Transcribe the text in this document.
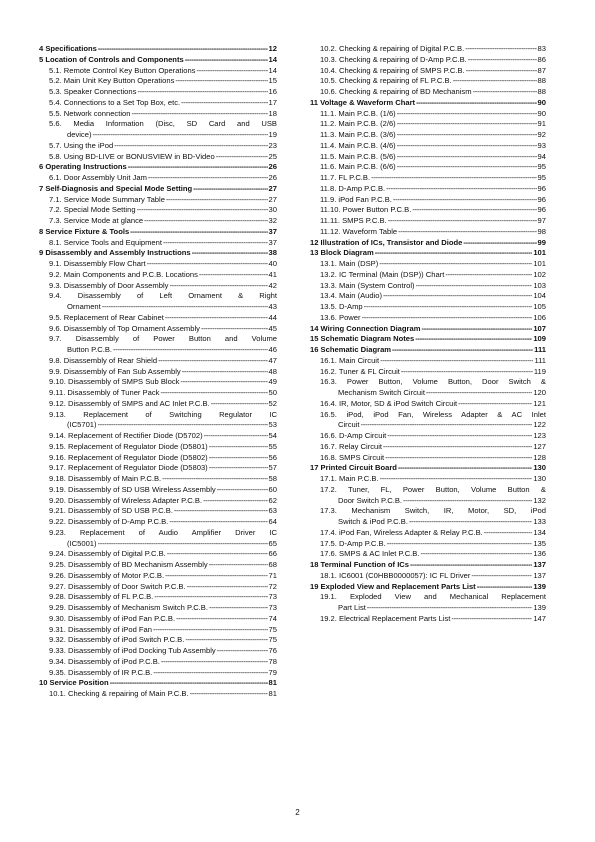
4 Specifications -----	12
5 Location of Controls and Components -----	14
5.1. Remote Control Key Button Operations -----	14
5.2. Main Unit Key Button Operations -----	15
5.3. Speaker Connections -----	16
5.4. Connections to a Set Top Box, etc. -----	17
5.5. Network connection -----	18
5.6. Media Information (Disc, SD Card and USB
device) -----	19
5.7. Using the iPod -----	23
5.8. Using BD-LIVE or BONUSVIEW in BD-Video -----	25
6 Operating Instructions -----	26
6.1. Door Assembly Unit Jam -----	26
7 Self-Diagnosis and Special Mode Setting -----	27
7.1. Service Mode Summary Table -----	27
7.2. Special Mode Setting -----	30
7.3. Service Mode at glance -----	32
8 Service Fixture & Tools -----	37
8.1. Service Tools and Equipment -----	37
9 Disassembly and Assembly Instructions -----	38
9.1. Disassembly Flow Chart -----	40
9.2. Main Components and P.C.B. Locations -----	41
9.3. Disassembly of Door Assembly -----	42
9.4. Disassembly of Left Ornament & Right
Ornament -----	43
9.5. Replacement of Rear Cabinet -----	44
9.6. Disassembly of Top Ornament Assembly -----	45
9.7. Disassembly of Power Button and Volume
Button P.C.B. -----	46
9.8. Disassembly of Rear Shield -----	47
9.9. Disassembly of Fan Sub Assembly -----	48
9.10. Disassembly of SMPS Sub Block -----	49
9.11. Disassembly of Tuner Pack -----	50
9.12. Disassembly of SMPS and AC Inlet P.C.B. -----	52
9.13. Replacement of Switching Regulator IC
(IC5701) -----	53
9.14. Replacement of Rectifier Diode (D5702) -----	54
9.15. Replacement of Regulator Diode (D5801) -----	55
9.16. Replacement of Regulator Diode (D5802) -----	56
9.17. Replacement of Regulator Diode (D5803) -----	57
9.18. Disassembly of Main P.C.B. -----	58
9.19. Disassembly of SD USB Wireless Assembly -----	60
9.20. Disassembly of Wireless Adapter P.C.B. -----	62
9.21. Disassembly of SD USB P.C.B. -----	63
9.22. Disassembly of D-Amp P.C.B. -----	64
9.23. Replacement of Audio Amplifier Driver IC
(IC5001) -----	65
9.24. Disassembly of Digital P.C.B. -----	66
9.25. Disassembly of BD Mechanism Assembly -----	68
9.26. Disassembly of Motor P.C.B. -----	71
9.27. Disassembly of Door Switch P.C.B. -----	72
9.28. Disassembly of FL P.C.B. -----	73
9.29. Disassembly of Mechanism Switch P.C.B. -----	73
9.30. Disassembly of iPod Fan P.C.B. -----	74
9.31. Disassembly of iPod Fan -----	75
9.32. Disassembly of iPod Switch P.C.B. -----	75
9.33. Disassembly of iPod Docking Tub Assembly -----	76
9.34. Disassembly of iPod P.C.B. -----	78
9.35. Disassembly of IR P.C.B. -----	79
10 Service Position -----	81
10.1. Checking & repairing of Main P.C.B. -----	81
10.2. Checking & repairing of Digital P.C.B. -----	83
10.3. Checking & repairing of D-Amp P.C.B. -----	86
10.4. Checking & repairing of SMPS P.C.B. -----	87
10.5. Checking & repairing of FL P.C.B. -----	88
10.6. Checking & repairing of BD Mechanism -----	88
11 Voltage & Waveform Chart -----	90
11.1. Main P.C.B. (1/6) -----	90
11.2. Main P.C.B. (2/6) -----	91
11.3. Main P.C.B. (3/6) -----	92
11.4. Main P.C.B. (4/6) -----	93
11.5. Main P.C.B. (5/6) -----	94
11.6. Main P.C.B. (6/6) -----	95
11.7. FL P.C.B. -----	95
11.8. D-Amp P.C.B. -----	96
11.9. iPod Fan P.C.B. -----	96
11.10. Power Button P.C.B. -----	96
11.11. SMPS P.C.B. -----	97
11.12. Waveform Table -----	98
12 Illustration of ICs, Transistor and Diode -----	99
13 Block Diagram -----	101
13.1. Main (DSP) -----	101
13.2. IC Terminal (Main (DSP)) Chart -----	102
13.3. Main (System Control) -----	103
13.4. Main (Audio) -----	104
13.5. D-Amp -----	105
13.6. Power -----	106
14 Wiring Connection Diagram -----	107
15 Schematic Diagram Notes -----	109
16 Schematic Diagram -----	111
16.1. Main Circuit -----	111
16.2. Tuner & FL Circuit -----	119
16.3. Power Button, Volume Button, Door Switch &
Mechanism Switch Circuit -----	120
16.4. IR, Motor, SD & iPod Switch Circuit -----	121
16.5. iPod, iPod Fan, Wireless Adapter & AC Inlet
Circuit -----	122
16.6. D-Amp Circuit -----	123
16.7. Relay Circuit -----	127
16.8. SMPS Circuit -----	128
17 Printed Circuit Board -----	130
17.1. Main P.C.B. -----	130
17.2. Tuner, FL, Power Button, Volume Button &
Door Switch P.C.B. -----	132
17.3. Mechanism Switch, IR, Motor, SD, iPod
Switch & iPod P.C.B. -----	133
17.4. iPod Fan, Wireless Adapter & Relay P.C.B. -----	134
17.5. D-Amp P.C.B. -----	135
17.6. SMPS & AC Inlet P.C.B. -----	136
18 Terminal Function of ICs -----	137
18.1. IC6001 (C0HBB0000057): IC FL Driver -----	137
19 Exploded View and Replacement Parts List -----	139
19.1. Exploded View and Mechanical Replacement
Part List -----	139
19.2. Electrical Replacement Parts List -----	147
2
